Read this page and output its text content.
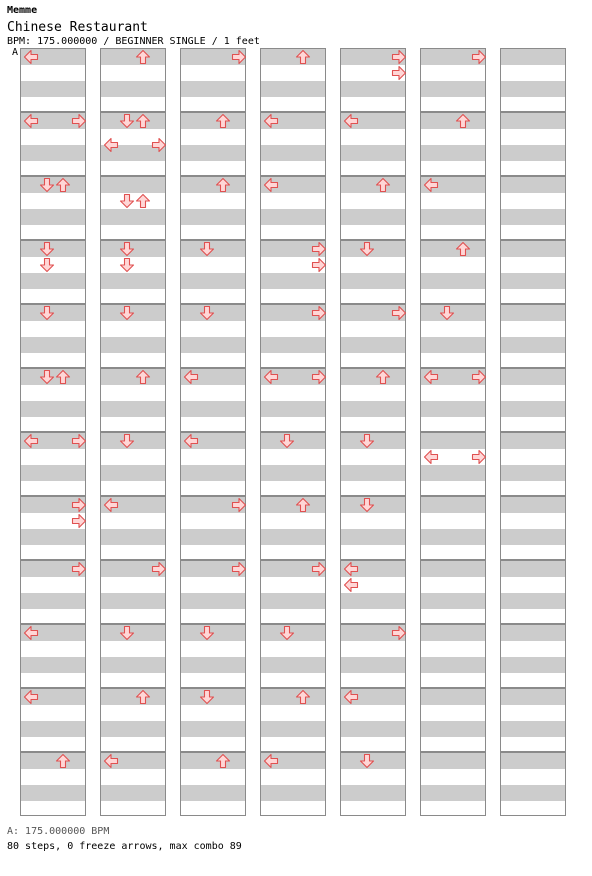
Memme
Chinese Restaurant
BPM: 175.000000 / BEGINNER SINGLE / 1 feet
A
A: 175.000000 BPM
80 steps, 0 freeze arrows, max combo 89
